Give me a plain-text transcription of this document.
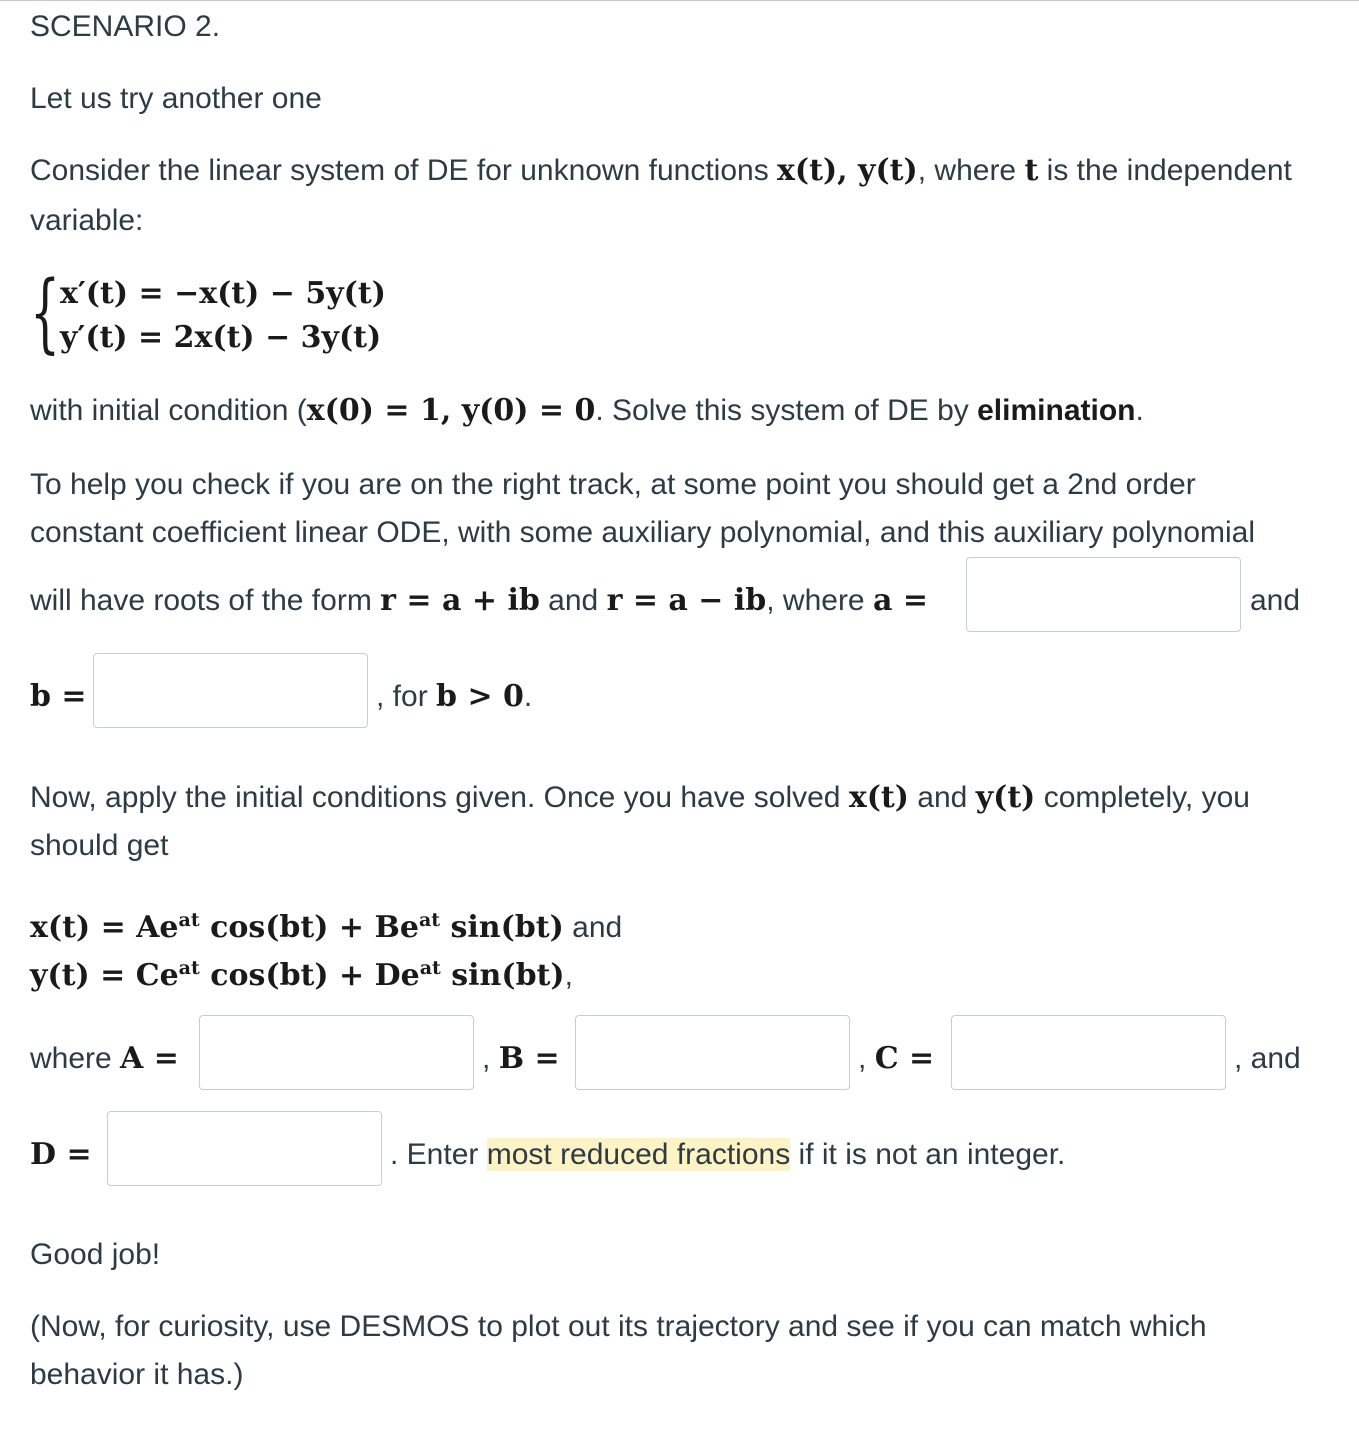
SCENARIO 2.
Let us try another one
Consider the linear system of DE for unknown functions x(t), y(t), where t is the independent
variable:
{ x′(t) = −x(t) − 5y(t)
y′(t) = 2x(t) − 3y(t)
with initial condition (x(0) = 1, y(0) = 0. Solve this system of DE by elimination.
To help you check if you are on the right track, at some point you should get a 2nd order
constant coefficient linear ODE, with some auxiliary polynomial, and this auxiliary polynomial
will have roots of the form r = a + ib and r = a − ib, where a =	and
b =	, for b > 0.
Now, apply the initial conditions given. Once you have solved x(t) and y(t) completely, you
should get
$x(t) = Ae^{at}$ $\cos(bt) + Be^{at}$ sin(bt) and
$y(t) = Ce^{at}$ $\cos(bt) + De^{at}$ sin(bt),
where A =	, B =	, C =	, and
D =	. Enter most reduced fractions if it is not an integer.
Good job!
(Now, for curiosity, use DESMOS to plot out its trajectory and see if you can match which
behavior it has.)
